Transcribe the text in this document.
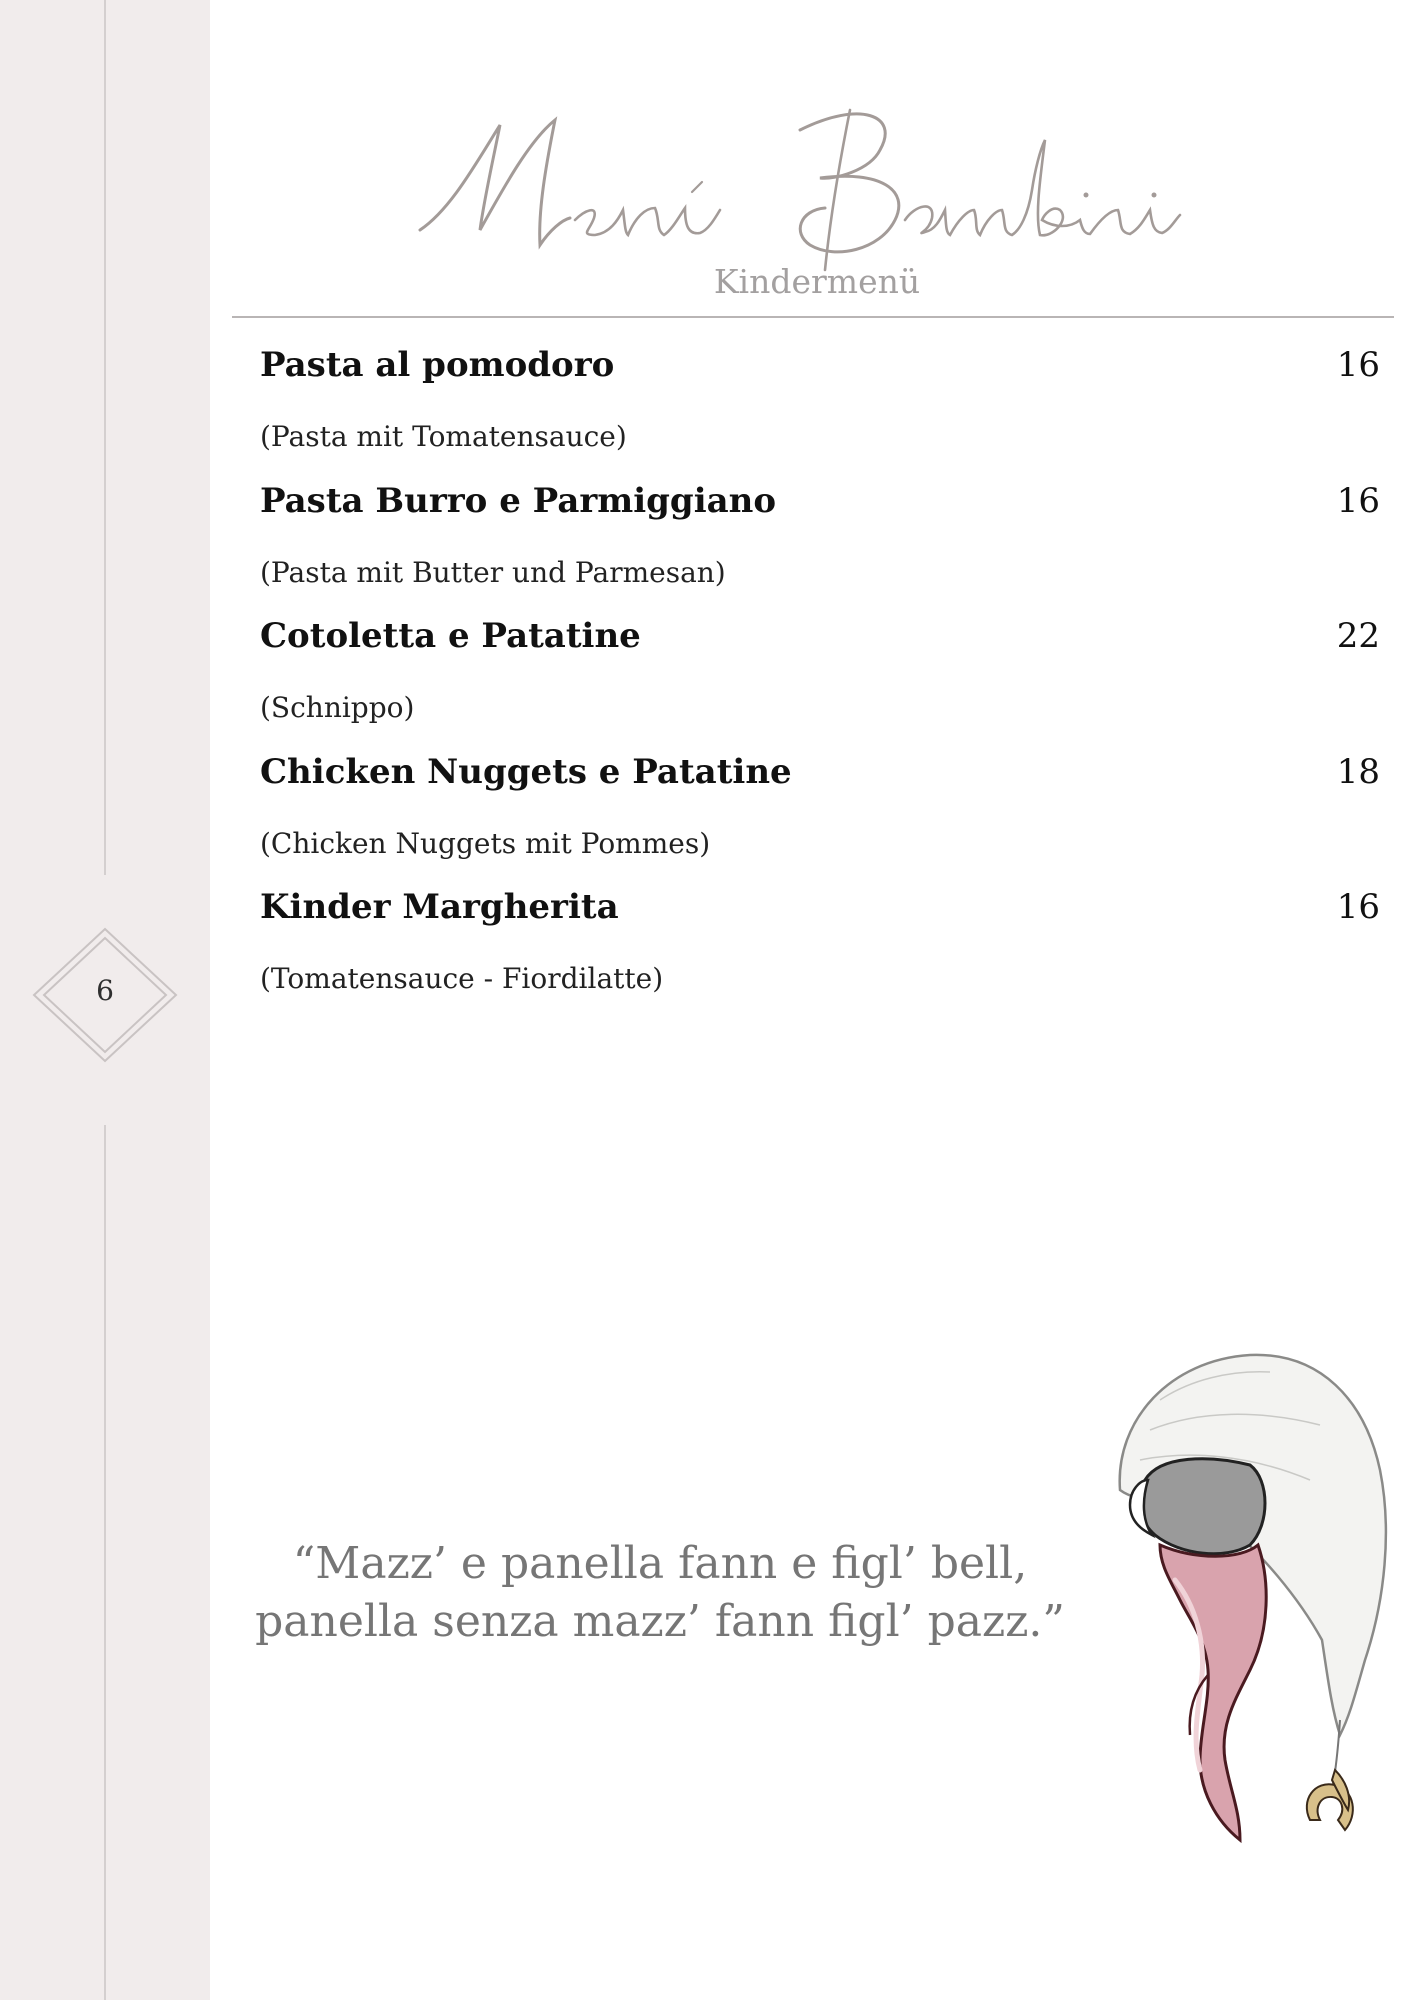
6
Kindermenü
Pasta al pomodoro	16
(Pasta mit Tomatensauce)
Pasta Burro e Parmiggiano	16
(Pasta mit Butter und Parmesan)
Cotoletta e Patatine	22
(Schnippo)
Chicken Nuggets e Patatine	18
(Chicken Nuggets mit Pommes)
Kinder Margherita	16
(Tomatensauce - Fiordilatte)
“Mazz’ e panella fann e figl’ bell,
panella senza mazz’ fann figl’ pazz.”
